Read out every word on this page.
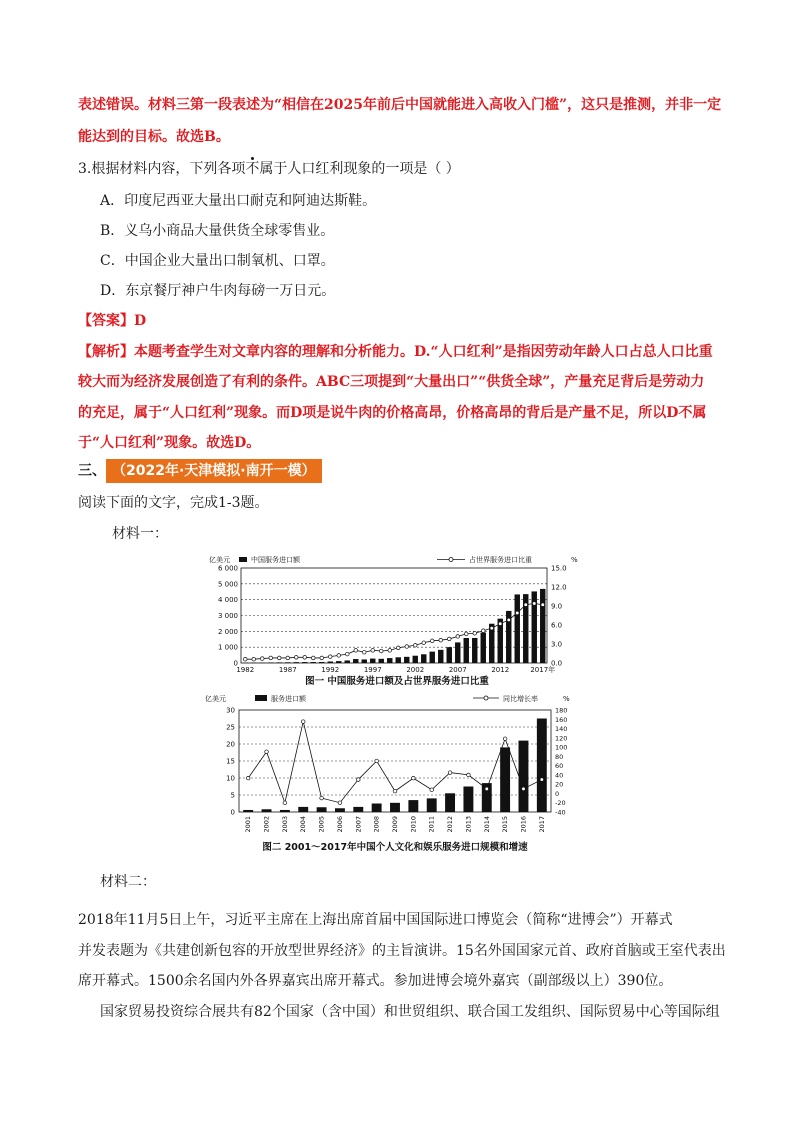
表述错误。材料三第一段表述为“相信在2025年前后中国就能进入高收入门槛”，这只是推测，并非一定
能达到的目标。故选B。
3.根据材料内容，下列各项不属于人口红利现象的一项是（ ）
A．印度尼西亚大量出口耐克和阿迪达斯鞋。
B．义乌小商品大量供货全球零售业。
C．中国企业大量出口制氧机、口罩。
D．东京餐厅神户牛肉每磅一万日元。
【答案】D
【解析】本题考查学生对文章内容的理解和分析能力。D.“人口红利”是指因劳动年龄人口占总人口比重
较大而为经济发展创造了有利的条件。ABC三项提到“大量出口”“供货全球”，产量充足背后是劳动力
的充足，属于“人口红利”现象。而D项是说牛肉的价格高昂，价格高昂的背后是产量不足，所以D不属
于“人口红利”现象。故选D。
三、 （2022年·天津模拟·南开一模）
阅读下面的文字，完成1-3题。
材料一：
亿美元	%
中国服务进口额	占世界服务进口比重
6 000
5 000
4 000
3 000
2 000
1 000
0
15.0
12.0
9.0
6.0
3.0
0.0
1982	1987	1992	1997	2002	2007	2012	2017年
图一 中国服务进口额及占世界服务进口比重
亿美元	%
服务进口额	同比增长率
30
25
20
15
10
5
0
180
160
140
120
100
80
60
40
20
0
-20
-40
2001 2002 2003 2004 2005 2006 2007 2008 2009 2010 2011 2012 2013 2014 2015 2016 2017
图二 2001～2017年中国个人文化和娱乐服务进口规模和增速
材料二：
2018年11月5日上午，习近平主席在上海出席首届中国国际进口博览会（简称“进博会”）开幕式
并发表题为《共建创新包容的开放型世界经济》的主旨演讲。15名外国国家元首、政府首脑或王室代表出
席开幕式。1500余名国内外各界嘉宾出席开幕式。参加进博会境外嘉宾（副部级以上）390位。
国家贸易投资综合展共有82个国家（含中国）和世贸组织、联合国工发组织、国际贸易中心等国际组
